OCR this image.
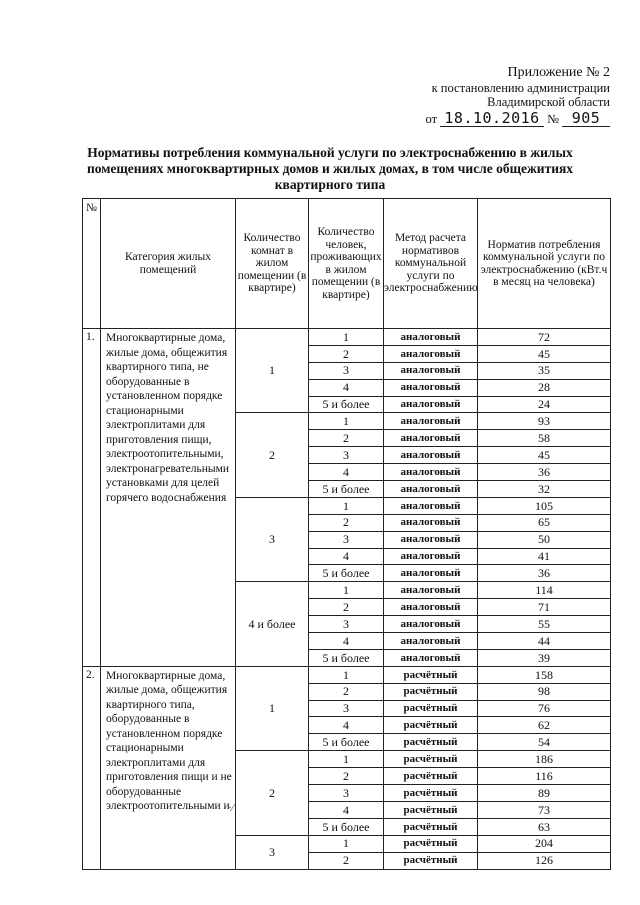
Приложение № 2
к постановлению администрации
Владимирской области
от 18.10.2016 № 905
Нормативы потребления коммунальной услуги по электроснабжению в жилых помещениях многоквартирных домов и жилых домах, в том числе общежитиях квартирного типа
№	Категория жилых помещений	Количество комнат в жилом помещении (в квартире)	Количество человек, проживающих в жилом помещении (в квартире)	Метод расчета нормативов коммунальной услуги по электроснабжению	Норматив потребления коммунальной услуги по электроснабжению (кВт.ч в месяц на человека)
1.	Многоквартирные дома, жилые дома, общежития квартирного типа, не оборудованные в установленном порядке стационарными электроплитами для приготовления пищи, электроотопительными, электронагревательными установками для целей горячего водоснабжения	1	1	аналоговый	72
			2	аналоговый	45
			3	аналоговый	35
			4	аналоговый	28
			5 и более	аналоговый	24
		2	1	аналоговый	93
			2	аналоговый	58
			3	аналоговый	45
			4	аналоговый	36
			5 и более	аналоговый	32
		3	1	аналоговый	105
			2	аналоговый	65
			3	аналоговый	50
			4	аналоговый	41
			5 и более	аналоговый	36
		4 и более	1	аналоговый	114
			2	аналоговый	71
			3	аналоговый	55
			4	аналоговый	44
			5 и более	аналоговый	39
2.	Многоквартирные дома, жилые дома, общежития квартирного типа, оборудованные в установленном порядке стационарными электроплитами для приготовления пищи и не оборудованные электроотопительными и	1	1	расчётный	158
			2	расчётный	98
			3	расчётный	76
			4	расчётный	62
			5 и более	расчётный	54
		2	1	расчётный	186
			2	расчётный	116
			3	расчётный	89
			4	расчётный	73
			5 и более	расчётный	63
		3	1	расчётный	204
			2	расчётный	126
·∕
